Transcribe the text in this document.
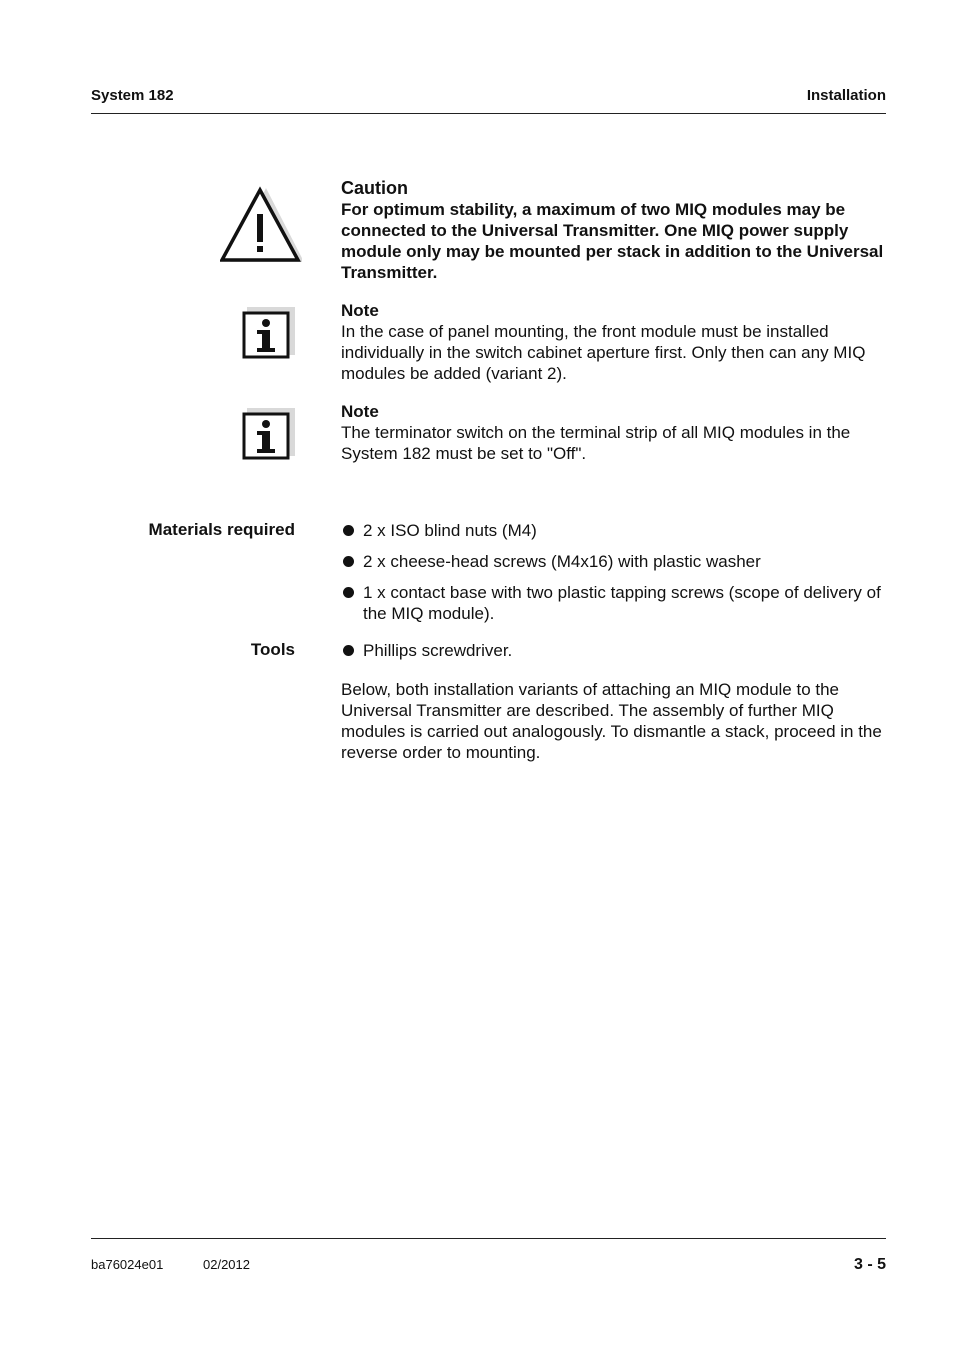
System 182	Installation
Caution
For optimum stability, a maximum of two MIQ modules may be connected to the Universal Transmitter. One MIQ power supply module only may be mounted per stack in addition to the Universal Transmitter.
Note
In the case of panel mounting, the front module must be installed individually in the switch cabinet aperture first. Only then can any MIQ modules be added (variant 2).
Note
The terminator switch on the terminal strip of all MIQ modules in the System 182 must be set to "Off".
Materials required	2 x ISO blind nuts (M4)
2 x cheese-head screws (M4x16) with plastic washer
1 x contact base with two plastic tapping screws (scope of delivery of the MIQ module).
Tools	Phillips screwdriver.
Below, both installation variants of attaching an MIQ module to the Universal Transmitter are described. The assembly of further MIQ modules is carried out analogously. To dismantle a stack, proceed in the reverse order to mounting.
ba76024e01	02/2012	3 - 5
